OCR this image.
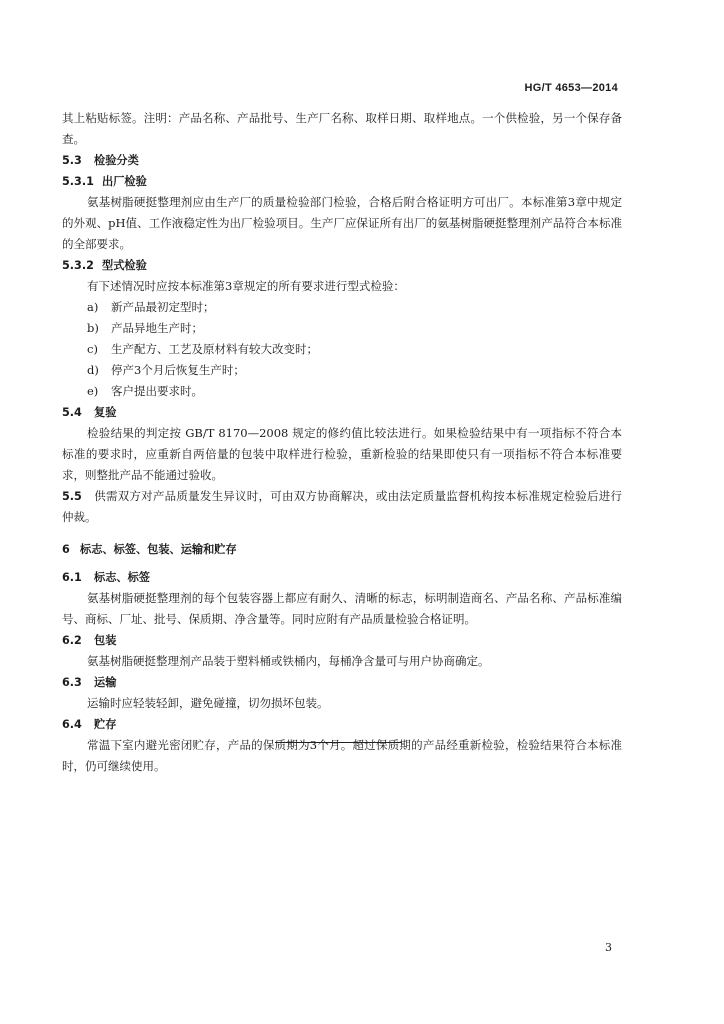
HG/T 4653—2014

其上粘贴标签。注明：产品名称、产品批号、生产厂名称、取样日期、取样地点。一个供检验，另一个保存备查。

5.3 检验分类

5.3.1 出厂检验

氨基树脂硬挺整理剂应由生产厂的质量检验部门检验，合格后附合格证明方可出厂。本标准第3章中规定的外观、pH值、工作液稳定性为出厂检验项目。生产厂应保证所有出厂的氨基树脂硬挺整理剂产品符合本标准的全部要求。

5.3.2 型式检验

有下述情况时应按本标准第3章规定的所有要求进行型式检验：

a) 新产品最初定型时；

b) 产品异地生产时；

c) 生产配方、工艺及原材料有较大改变时；

d) 停产3个月后恢复生产时；

e) 客户提出要求时。

5.4 复验

检验结果的判定按 GB/T 8170—2008 规定的修约值比较法进行。如果检验结果中有一项指标不符合本标准的要求时，应重新自两倍量的包装中取样进行检验，重新检验的结果即使只有一项指标不符合本标准要求，则整批产品不能通过验收。

5.5 供需双方对产品质量发生异议时，可由双方协商解决，或由法定质量监督机构按本标准规定检验后进行仲裁。

6 标志、标签、包装、运输和贮存

6.1 标志、标签

氨基树脂硬挺整理剂的每个包装容器上都应有耐久、清晰的标志，标明制造商名、产品名称、产品标准编号、商标、厂址、批号、保质期、净含量等。同时应附有产品质量检验合格证明。

6.2 包装

氨基树脂硬挺整理剂产品装于塑料桶或铁桶内，每桶净含量可与用户协商确定。

6.3 运输

运输时应轻装轻卸，避免碰撞，切勿损坏包装。

6.4 贮存

常温下室内避光密闭贮存，产品的保质期为3个月。超过保质期的产品经重新检验，检验结果符合本标准时，仍可继续使用。

3
